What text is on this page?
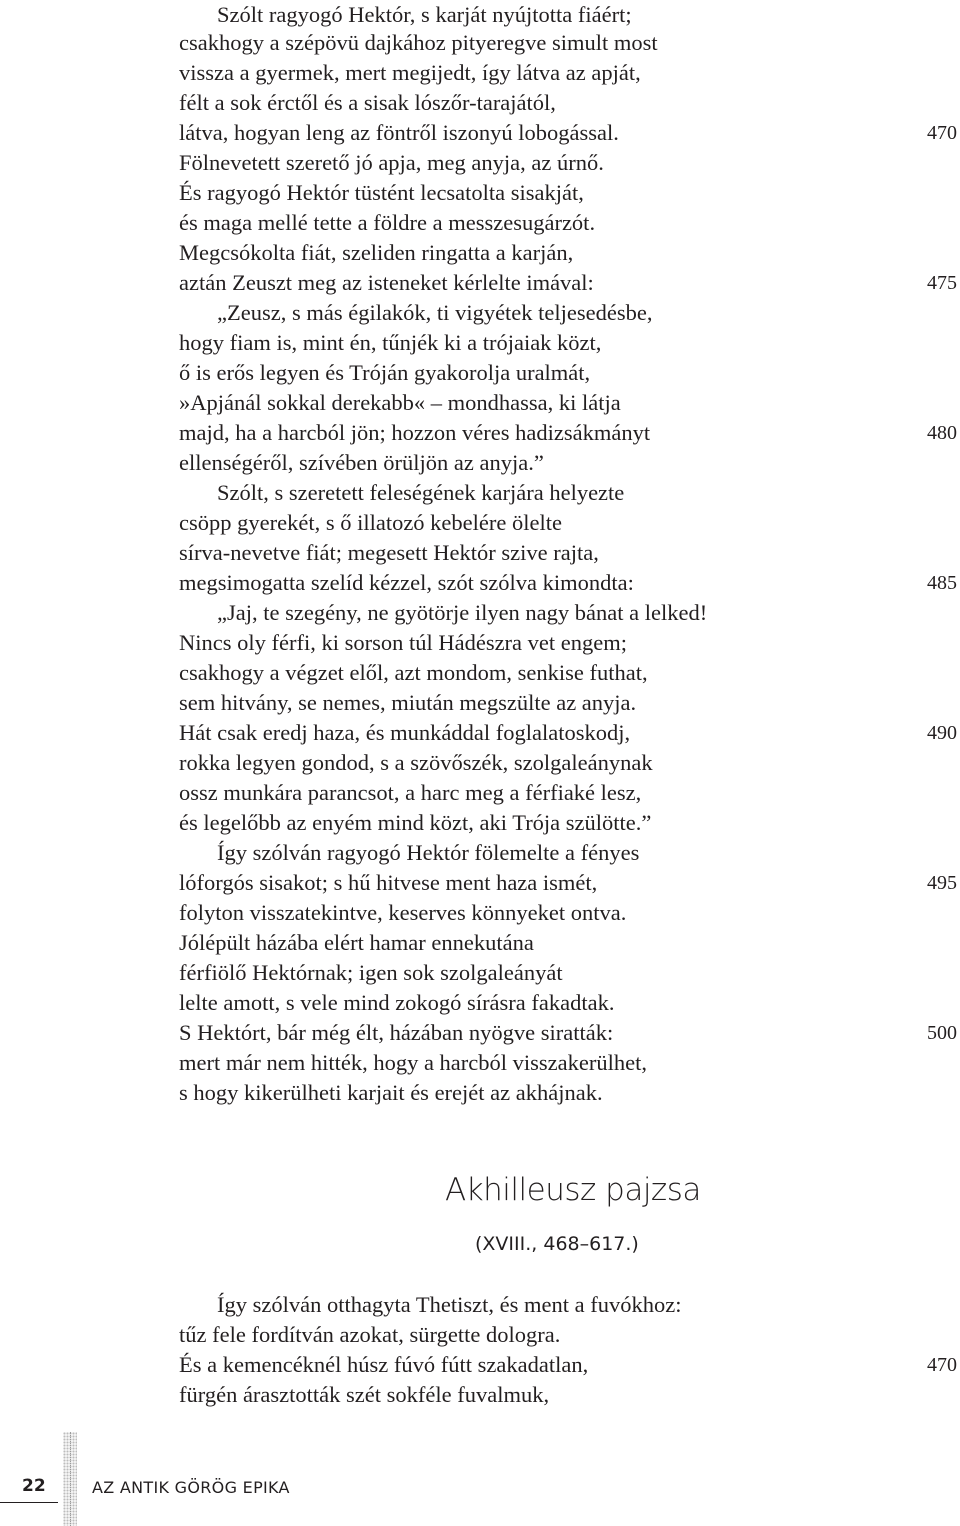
Szólt ragyogó Hektór, s karját nyújtotta fiáért;
csakhogy a szépövü dajkához pityeregve simult most
vissza a gyermek, mert megijedt, így látva az apját,
félt a sok érctől és a sisak lószőr-tarajától,
látva, hogyan leng az föntről iszonyú lobogással.	470
Fölnevetett szerető jó apja, meg anyja, az úrnő.
És ragyogó Hektór tüstént lecsatolta sisakját,
és maga mellé tette a földre a messzesugárzót.
Megcsókolta fiát, szeliden ringatta a karján,
aztán Zeuszt meg az isteneket kérlelte imával:	475
„Zeusz, s más égilakók, ti vigyétek teljesedésbe,
hogy fiam is, mint én, tűnjék ki a trójaiak közt,
ő is erős legyen és Tróján gyakorolja uralmát,
»Apjánál sokkal derekabb« – mondhassa, ki látja
majd, ha a harcból jön; hozzon véres hadizsákmányt	480
ellenségéről, szívében örüljön az anyja.”
Szólt, s szeretett feleségének karjára helyezte
csöpp gyerekét, s ő illatozó kebelére ölelte
sírva-nevetve fiát; megesett Hektór szive rajta,
megsimogatta szelíd kézzel, szót szólva kimondta:	485
„Jaj, te szegény, ne gyötörje ilyen nagy bánat a lelked!
Nincs oly férfi, ki sorson túl Hádészra vet engem;
csakhogy a végzet elől, azt mondom, senkise futhat,
sem hitvány, se nemes, miután megszülte az anyja.
Hát csak eredj haza, és munkáddal foglalatoskodj,	490
rokka legyen gondod, s a szövőszék, szolgaleánynak
ossz munkára parancsot, a harc meg a férfiaké lesz,
és legelőbb az enyém mind közt, aki Trója szülötte.”
Így szólván ragyogó Hektór fölemelte a fényes
lóforgós sisakot; s hű hitvese ment haza ismét,	495
folyton visszatekintve, keserves könnyeket ontva.
Jólépült házába elért hamar ennekutána
férfiölő Hektórnak; igen sok szolgaleányát
lelte amott, s vele mind zokogó sírásra fakadtak.
S Hektórt, bár még élt, házában nyögve siratták:	500
mert már nem hitték, hogy a harcból visszakerülhet,
s hogy kikerülheti karjait és erejét az akhájnak.
Akhilleusz pajzsa
(XVIII., 468–617.)
Így szólván otthagyta Thetiszt, és ment a fuvókhoz:
tűz fele fordítván azokat, sürgette dologra.
És a kemencéknél húsz fúvó fútt szakadatlan,	470
fürgén árasztották szét sokféle fuvalmuk,
22	AZ ANTIK GÖRÖG EPIKA
